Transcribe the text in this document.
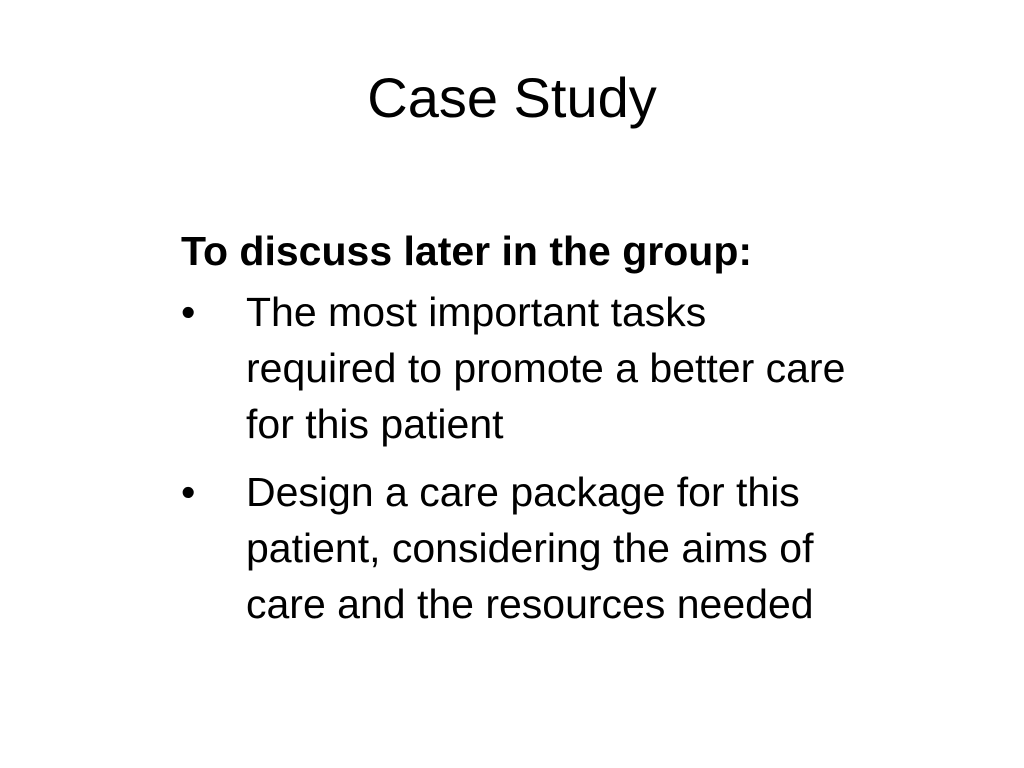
Case Study

To discuss later in the group:

•	The most important tasks
required to promote a better care
for this patient
•	Design a care package for this
patient, considering the aims of
care and the resources needed
